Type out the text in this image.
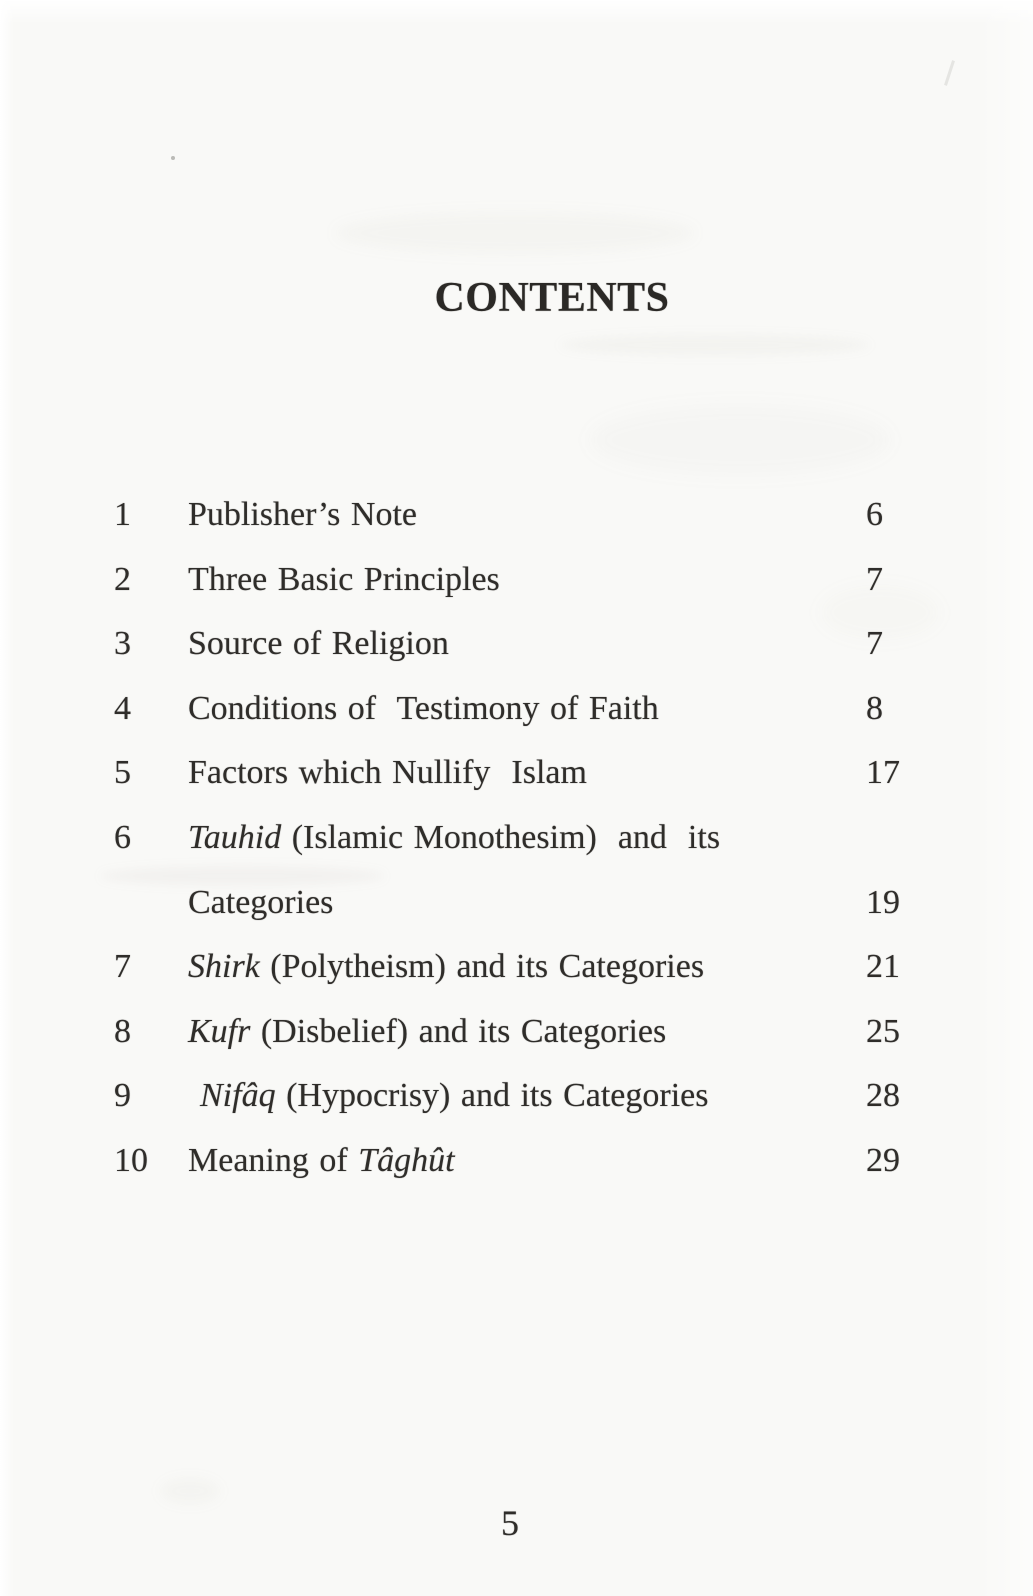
CONTENTS
1 Publisher’s Note	6
2 Three Basic Principles	7
3 Source of Religion	7
4 Conditions of  Testimony of Faith	8
5 Factors which Nullify  Islam	17
6 Tauhid (Islamic Monothesim)  and  its
Categories	19
7 Shirk (Polytheism) and its Categories	21
8 Kufr (Disbelief) and its Categories	25
9	Nifâq (Hypocrisy) and its Categories	28
10 Meaning of Tâghût	29
5
